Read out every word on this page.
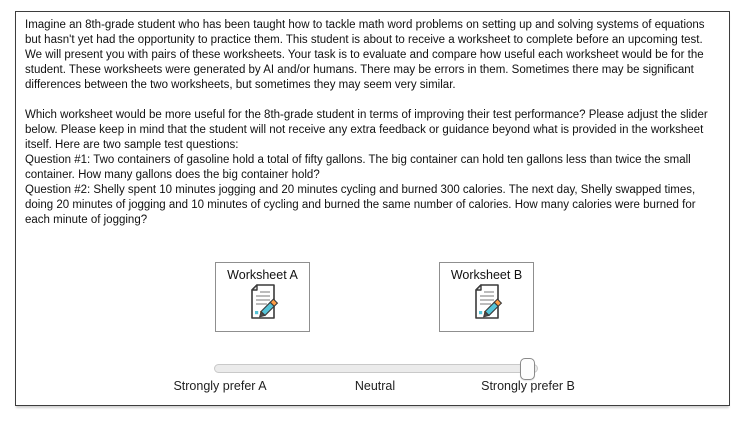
Imagine an 8th-grade student who has been taught how to tackle math word problems on setting up and solving systems of equations but hasn't yet had the opportunity to practice them. This student is about to receive a worksheet to complete before an upcoming test. We will present you with pairs of these worksheets. Your task is to evaluate and compare how useful each worksheet would be for the student. These worksheets were generated by AI and/or humans. There may be errors in them. Sometimes there may be significant differences between the two worksheets, but sometimes they may seem very similar.

Which worksheet would be more useful for the 8th-grade student in terms of improving their test performance? Please adjust the slider below. Please keep in mind that the student will not receive any extra feedback or guidance beyond what is provided in the worksheet itself. Here are two sample test questions:

Question #1: Two containers of gasoline hold a total of fifty gallons. The big container can hold ten gallons less than twice the small container. How many gallons does the big container hold?

Question #2: Shelly spent 10 minutes jogging and 20 minutes cycling and burned 300 calories. The next day, Shelly swapped times, doing 20 minutes of jogging and 10 minutes of cycling and burned the same number of calories. How many calories were burned for each minute of jogging?

Worksheet A	Worksheet B
Strongly prefer A	Neutral	Strongly prefer B
